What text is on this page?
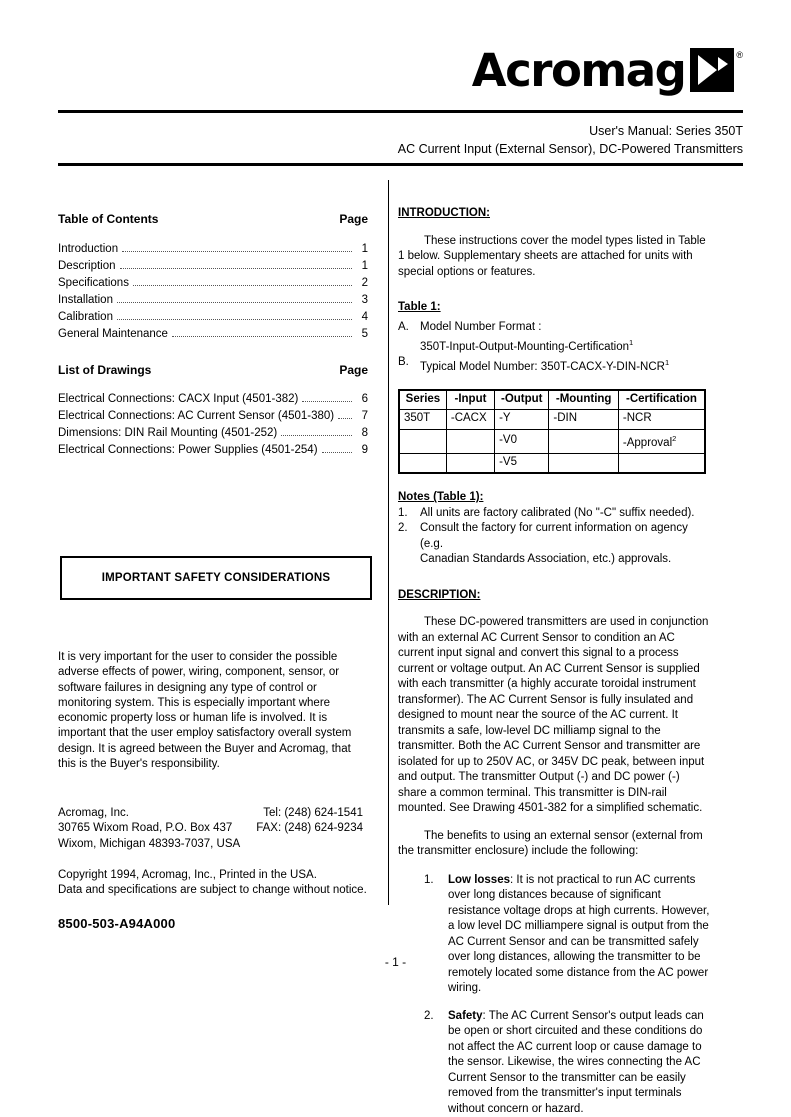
Acromag	®
User's Manual: Series 350T
AC Current Input (External Sensor), DC-Powered Transmitters
Table of Contents	Page
Introduction	1
Description	1
Specifications	2
Installation	3
Calibration	4
General Maintenance	5
List of Drawings	Page
Electrical Connections: CACX Input (4501-382)	6
Electrical Connections: AC Current Sensor (4501-380)	7
Dimensions: DIN Rail Mounting (4501-252)	8
Electrical Connections: Power Supplies (4501-254)	9
IMPORTANT SAFETY CONSIDERATIONS
It is very important for the user to consider the possible adverse effects of power, wiring, component, sensor, or software failures in designing any type of control or monitoring system. This is especially important where economic property loss or human life is involved. It is important that the user employ satisfactory overall system design. It is agreed between the Buyer and Acromag, that this is the Buyer's responsibility.
Acromag, Inc.	Tel: (248) 624-1541
30765 Wixom Road, P.O. Box 437 FAX: (248) 624-9234
Wixom, Michigan 48393-7037, USA
Copyright 1994, Acromag, Inc., Printed in the USA.
Data and specifications are subject to change without notice.
8500-503-A94A000
INTRODUCTION:
These instructions cover the model types listed in Table 1 below. Supplementary sheets are attached for units with special options or features.
Table 1:
A. Model Number Format :
350T-Input-Output-Mounting-Certification$^1$
B. Typical Model Number: 350T-CACX-Y-DIN-NCR$^1$
Series	-Input	-Output	-Mounting	-Certification
350T	-CACX	-Y	-DIN	-NCR
		-V0		-Approval$^2$
		-V5		
Notes (Table 1):
1.	All units are factory calibrated (No "-C" suffix needed).
2.	Consult the factory for current information on agency (e.g.
Canadian Standards Association, etc.) approvals.
DESCRIPTION:
These DC-powered transmitters are used in conjunction with an external AC Current Sensor to condition an AC current input signal and convert this signal to a process current or voltage output. An AC Current Sensor is supplied with each transmitter (a highly accurate toroidal instrument transformer). The AC Current Sensor is fully insulated and designed to mount near the source of the AC current. It transmits a safe, low-level DC milliamp signal to the transmitter. Both the AC Current Sensor and transmitter are isolated for up to 250V AC, or 345V DC peak, between input and output. The transmitter Output (-) and DC power (-) share a common terminal. This transmitter is DIN-rail mounted. See Drawing 4501-382 for a simplified schematic.
The benefits to using an external sensor (external from the transmitter enclosure) include the following:
1.	Low losses: It is not practical to run AC currents over long distances because of significant resistance voltage drops at high currents. However, a low level DC milliampere signal is output from the AC Current Sensor and can be transmitted safely over long distances, allowing the transmitter to be remotely located some distance from the AC power wiring.
2.	Safety: The AC Current Sensor's output leads can be open or short circuited and these conditions do not affect the AC current loop or cause damage to the sensor. Likewise, the wires connecting the AC Current Sensor to the transmitter can be easily removed from the transmitter's input terminals without concern or hazard.
- 1 -
